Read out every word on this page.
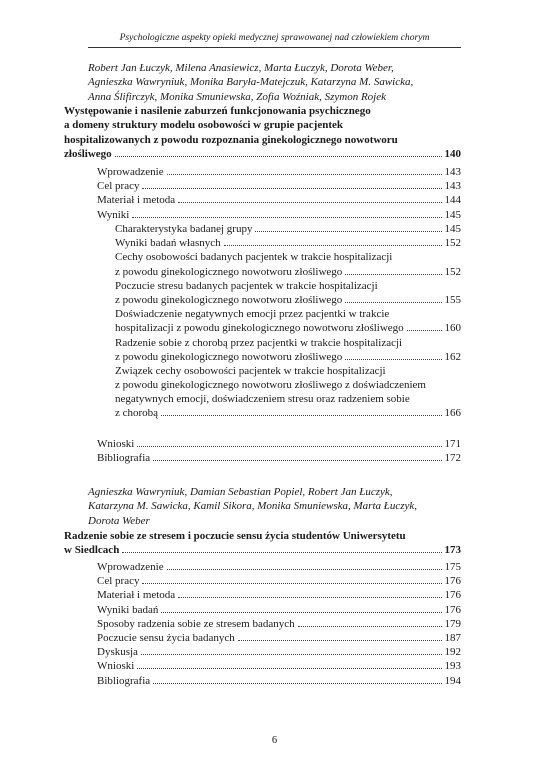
Psychologiczne aspekty opieki medycznej sprawowanej nad człowiekiem chorym
Robert Jan Łuczyk, Milena Anasiewicz, Marta Łuczyk, Dorota Weber,
Agnieszka Wawryniuk, Monika Baryła-Matejczuk, Katarzyna M. Sawicka,
Anna Ślifirczyk, Monika Smuniewska, Zofia Woźniak, Szymon Rojek
Występowanie i nasilenie zaburzeń funkcjonowania psychicznego
a domeny struktury modelu osobowości w grupie pacjentek
hospitalizowanych z powodu rozpoznania ginekologicznego nowotworu
złośliwego	140
Wprowadzenie	143
Cel pracy	143
Materiał i metoda	144
Wyniki	145
Charakterystyka badanej grupy	145
Wyniki badań własnych	152
Cechy osobowości badanych pacjentek w trakcie hospitalizacji
z powodu ginekologicznego nowotworu złośliwego	152
Poczucie stresu badanych pacjentek w trakcie hospitalizacji
z powodu ginekologicznego nowotworu złośliwego	155
Doświadczenie negatywnych emocji przez pacjentki w trakcie
hospitalizacji z powodu ginekologicznego nowotworu złośliwego	160
Radzenie sobie z chorobą przez pacjentki w trakcie hospitalizacji
z powodu ginekologicznego nowotworu złośliwego	162
Związek cechy osobowości pacjentek w trakcie hospitalizacji
z powodu ginekologicznego nowotworu złośliwego z doświadczeniem
negatywnych emocji, doświadczeniem stresu oraz radzeniem sobie
z chorobą	166
Wnioski	171
Bibliografia	172
Agnieszka Wawryniuk, Damian Sebastian Popiel, Robert Jan Łuczyk,
Katarzyna M. Sawicka, Kamil Sikora, Monika Smuniewska, Marta Łuczyk,
Dorota Weber
Radzenie sobie ze stresem i poczucie sensu życia studentów Uniwersytetu
w Siedlcach	173
Wprowadzenie	175
Cel pracy	176
Materiał i metoda	176
Wyniki badań	176
Sposoby radzenia sobie ze stresem badanych	179
Poczucie sensu życia badanych	187
Dyskusja	192
Wnioski	193
Bibliografia	194
6
